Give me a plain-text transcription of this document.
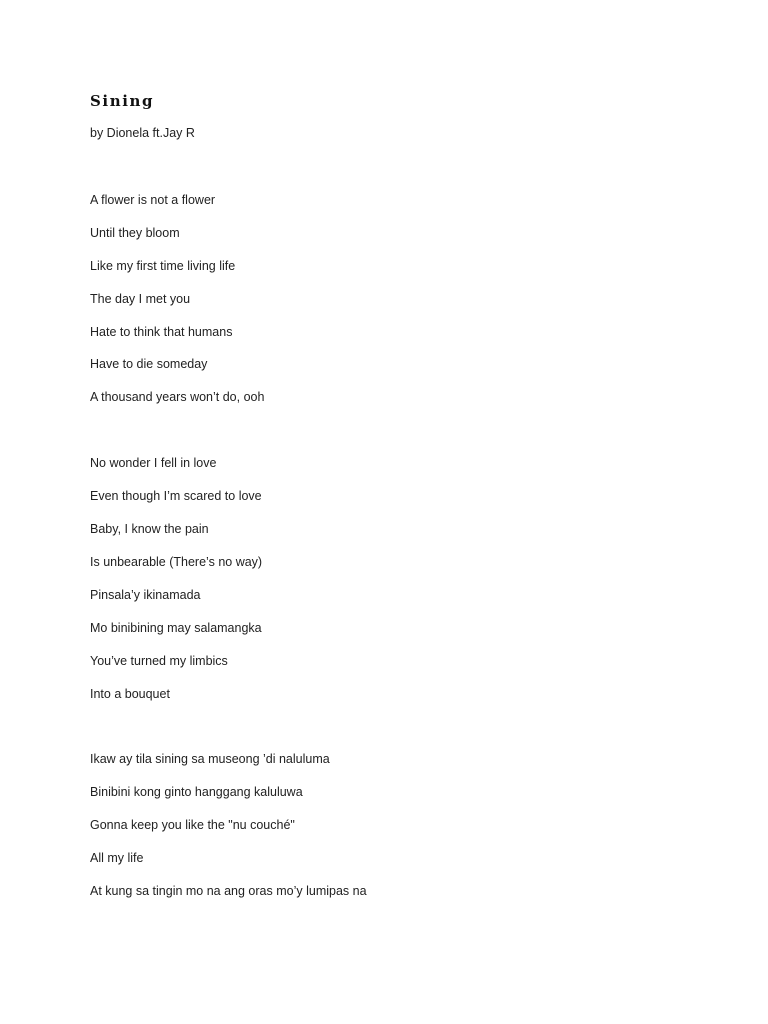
Sining
by Dionela ft.Jay R
A flower is not a flower
Until they bloom
Like my first time living life
The day I met you
Hate to think that humans
Have to die someday
A thousand years won’t do, ooh
No wonder I fell in love
Even though I’m scared to love
Baby, I know the pain
Is unbearable (There’s no way)
Pinsala’y ikinamada
Mo binibining may salamangka
You’ve turned my limbics
Into a bouquet
Ikaw ay tila sining sa museong ’di naluluma
Binibini kong ginto hanggang kaluluwa
Gonna keep you like the "nu couché"
All my life
At kung sa tingin mo na ang oras mo’y lumipas na
